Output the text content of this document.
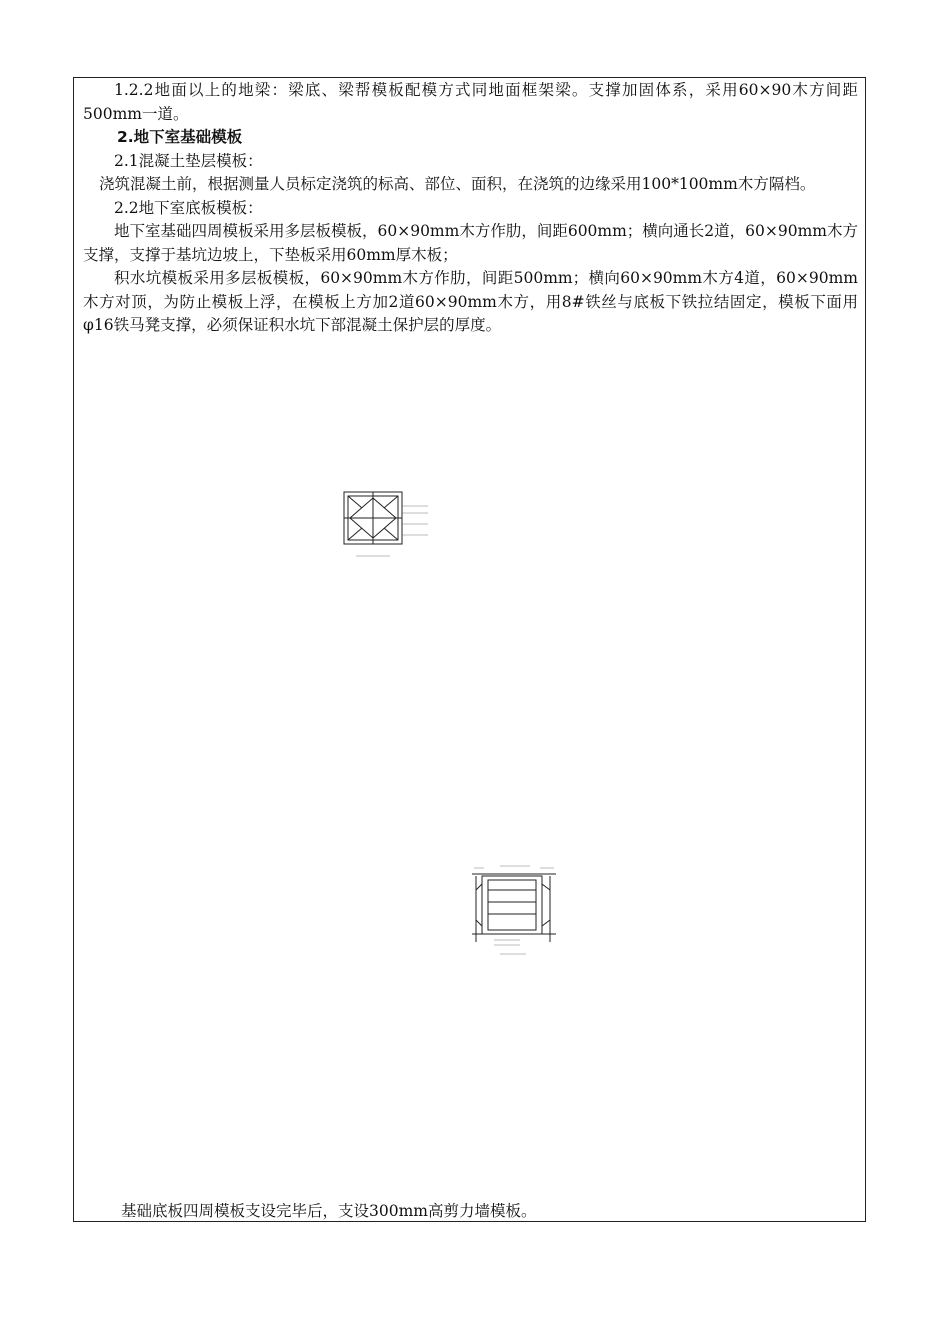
1.2.2地面以上的地梁：梁底、梁帮模板配模方式同地面框架梁。支撑加固体系，采用60×90木方间距500mm一道。

2.地下室基础模板

2.1混凝土垫层模板：

浇筑混凝土前，根据测量人员标定浇筑的标高、部位、面积，在浇筑的边缘采用100*100mm木方隔档。

2.2地下室底板模板：

地下室基础四周模板采用多层板模板，60×90mm木方作肋，间距600mm；横向通长2道，60×90mm木方支撑，支撑于基坑边坡上，下垫板采用60mm厚木板；

积水坑模板采用多层板模板，60×90mm木方作肋，间距500mm；横向60×90mm木方4道，60×90mm木方对顶，为防止模板上浮，在模板上方加2道60×90mm木方，用8#铁丝与底板下铁拉结固定，模板下面用φ16铁马凳支撑，必须保证积水坑下部混凝土保护层的厚度。

基础底板四周模板支设完毕后，支设300mm高剪力墙模板。
